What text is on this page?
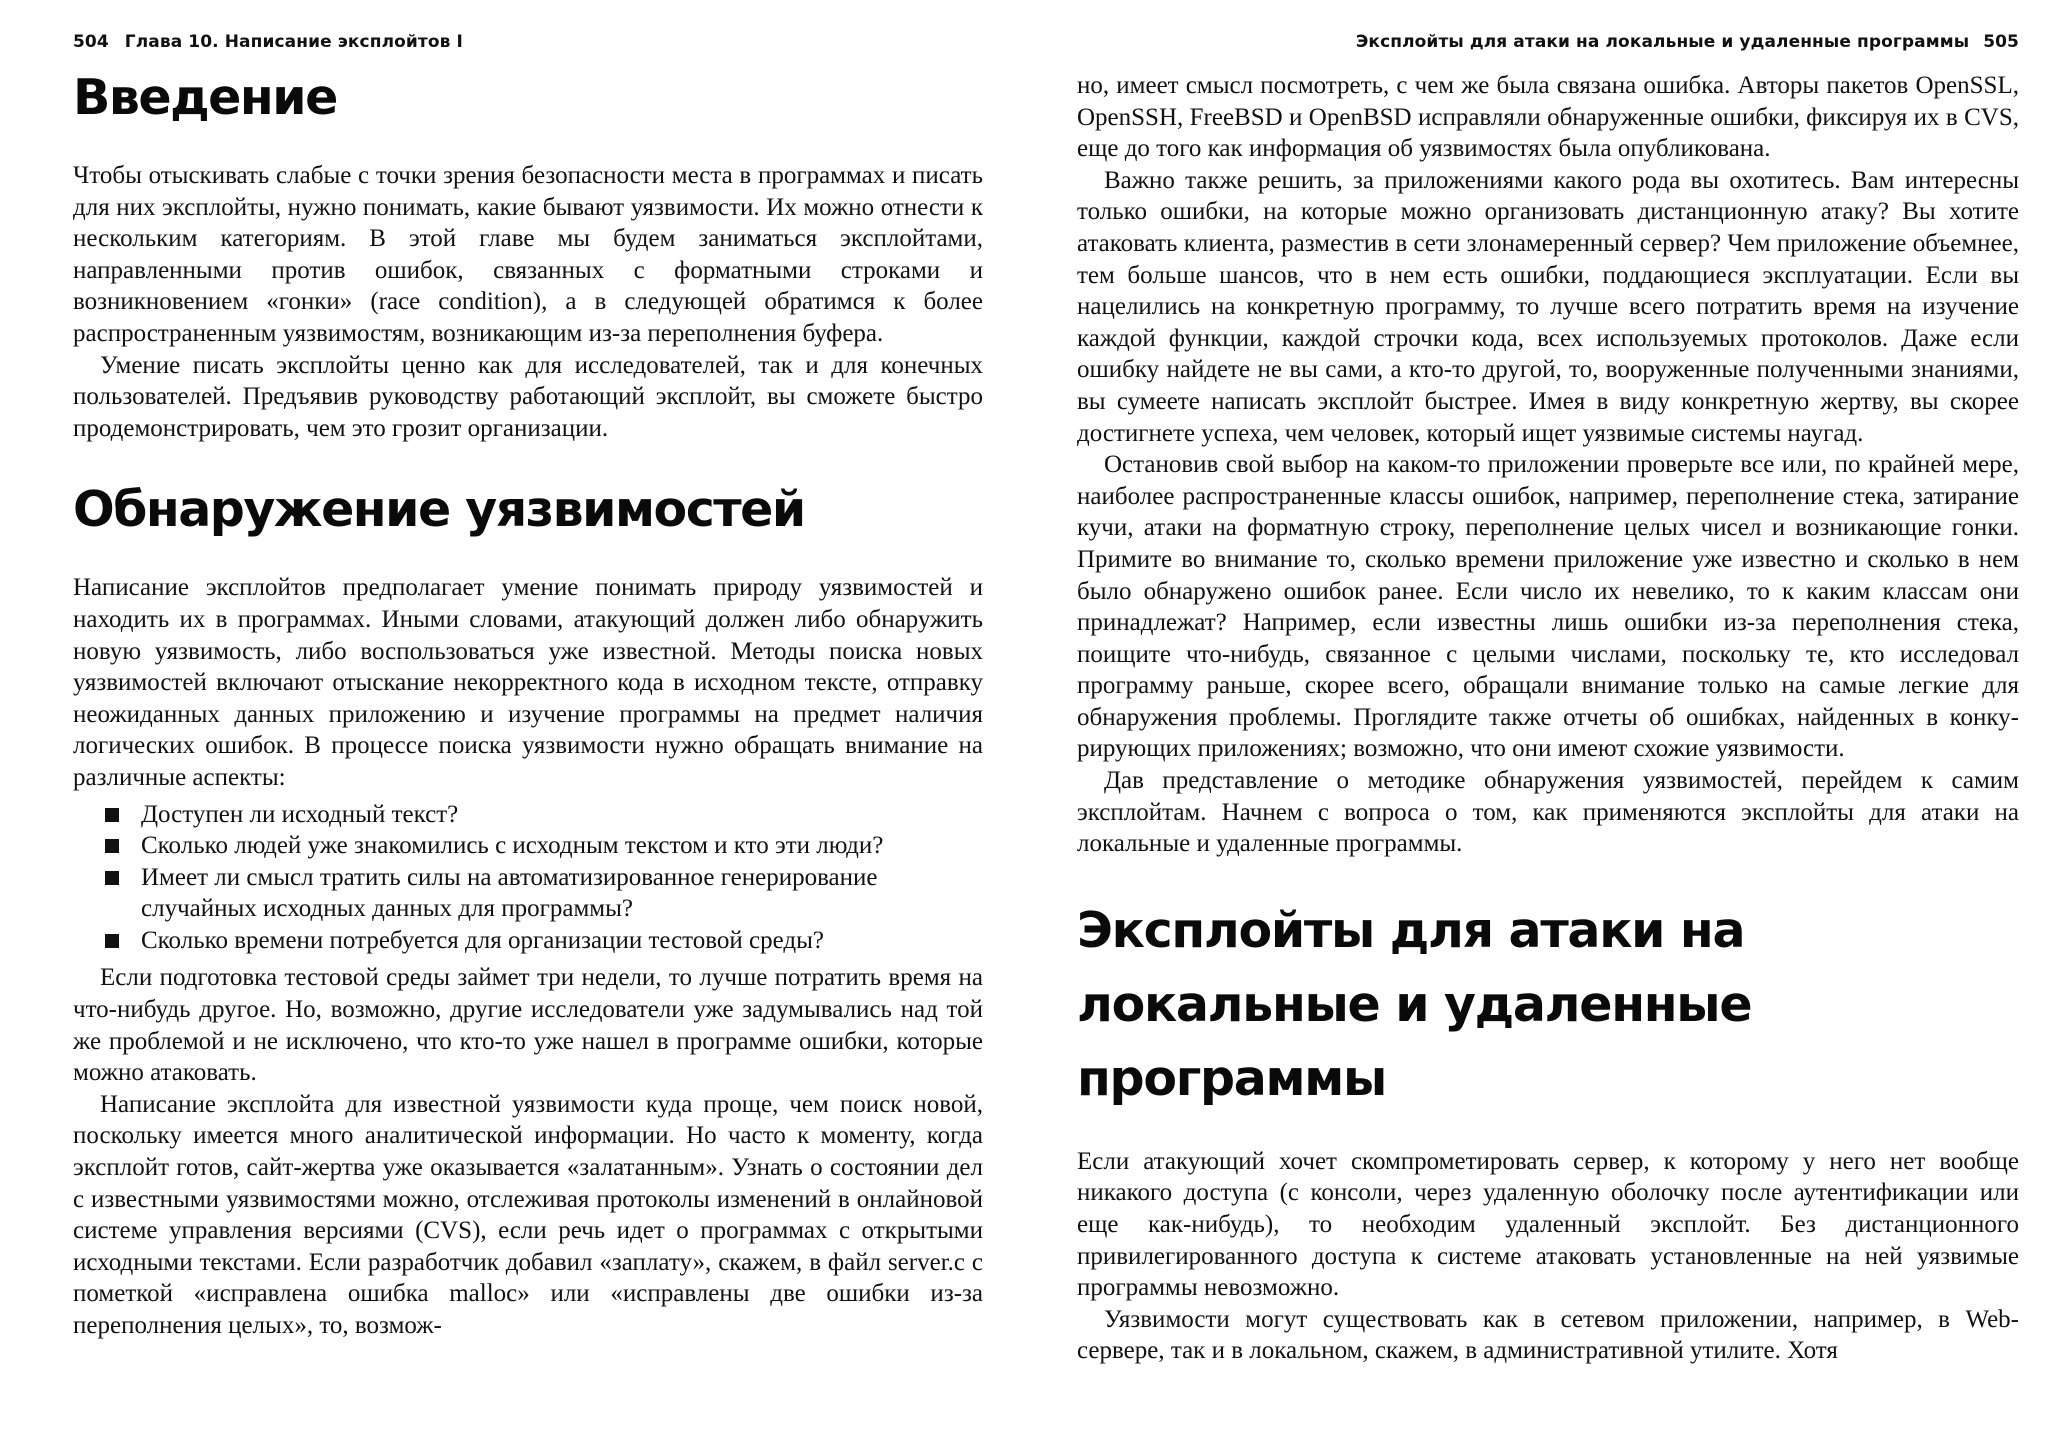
504 Глава 10. Написание эксплойтов I
Введение

Чтобы отыскивать слабые с точки зрения безопасности места в программах и писать для них эксплойты, нужно понимать, какие бывают уязвимости. Их можно отнести к нескольким категориям. В этой главе мы будем заниматься эксплойтами, направленными против ошибок, связанных с форматными строками и возникновением «гонки» (race condition), а в следующей обратимся к более распространенным уязвимостям, возникающим из-за переполнения буфера.

Умение писать эксплойты ценно как для исследователей, так и для конечных пользователей. Предъявив руководству работающий эксплойт, вы сможете быстро продемонстрировать, чем это грозит организации.

Обнаружение уязвимостей

Написание эксплойтов предполагает умение понимать природу уязвимостей и находить их в программах. Иными словами, атакующий должен либо обнаружить новую уязвимость, либо воспользоваться уже известной. Методы поиска новых уязвимостей включают отыскание некорректного кода в исходном тексте, отправку неожиданных данных приложению и изучение программы на предмет наличия логических ошибок. В процессе поиска уязвимости нужно обращать внимание на различные аспекты:

Доступен ли исходный текст?
Сколько людей уже знакомились с исходным текстом и кто эти люди?
Имеет ли смысл тратить силы на автоматизированное генерирование случайных исходных данных для программы?
Сколько времени потребуется для организации тестовой среды?

Если подготовка тестовой среды займет три недели, то лучше потратить время на что-нибудь другое. Но, возможно, другие исследователи уже задумывались над той же проблемой и не исключено, что кто-то уже нашел в программе ошибки, которые можно атаковать.

Написание эксплойта для известной уязвимости куда проще, чем поиск новой, поскольку имеется много аналитической информации. Но часто к моменту, когда эксплойт готов, сайт-жертва уже оказывается «залатанным». Узнать о состоянии дел с известными уязвимостями можно, отслеживая протоколы изменений в онлайновой системе управления версиями (CVS), если речь идет о программах с открытыми исходными текстами. Если разработчик добавил «заплату», скажем, в файл server.c с пометкой «исправлена ошибка malloc» или «исправлены две ошибки из-за переполнения целых», то, возмож-

Эксплойты для атаки на локальные и удаленные программы 505

но, имеет смысл посмотреть, с чем же была связана ошибка. Авторы пакетов OpenSSL, OpenSSH, FreeBSD и OpenBSD исправляли обнаруженные ошибки, фиксируя их в CVS, еще до того как информация об уязвимостях была опубликована.

Важно также решить, за приложениями какого рода вы охотитесь. Вам интересны только ошибки, на которые можно организовать дистанционную атаку? Вы хотите атаковать клиента, разместив в сети злонамеренный сервер? Чем приложение объемнее, тем больше шансов, что в нем есть ошибки, поддающиеся эксплуатации. Если вы нацелились на конкретную программу, то лучше всего потратить время на изучение каждой функции, каждой строчки кода, всех используемых протоколов. Даже если ошибку найдете не вы сами, а кто-то другой, то, вооруженные полученными знаниями, вы сумеете написать эксплойт быстрее. Имея в виду конкретную жертву, вы скорее достигнете успеха, чем человек, который ищет уязвимые системы наугад.

Остановив свой выбор на каком-то приложении проверьте все или, по крайней мере, наиболее распространенные классы ошибок, например, переполнение стека, затирание кучи, атаки на форматную строку, переполнение целых чисел и возникающие гонки. Примите во внимание то, сколько времени приложение уже известно и сколько в нем было обнаружено ошибок ранее. Если число их невелико, то к каким классам они принадлежат? Например, если известны лишь ошибки из-за переполнения стека, поищите что-нибудь, связанное с целыми числами, поскольку те, кто исследовал программу раньше, скорее всего, обращали внимание только на самые легкие для обнаружения проблемы. Проглядите также отчеты об ошибках, найденных в конкурирующих приложениях; возможно, что они имеют схожие уязвимости.

Дав представление о методике обнаружения уязвимостей, перейдем к самим эксплойтам. Начнем с вопроса о том, как применяются эксплойты для атаки на локальные и удаленные программы.

Эксплойты для атаки на локальные и удаленные программы

Если атакующий хочет скомпрометировать сервер, к которому у него нет вообще никакого доступа (с консоли, через удаленную оболочку после аутентификации или еще как-нибудь), то необходим удаленный эксплойт. Без дистанционного привилегированного доступа к системе атаковать установленные на ней уязвимые программы невозможно.

Уязвимости могут существовать как в сетевом приложении, например, в Web-сервере, так и в локальном, скажем, в административной утилите. Хотя
